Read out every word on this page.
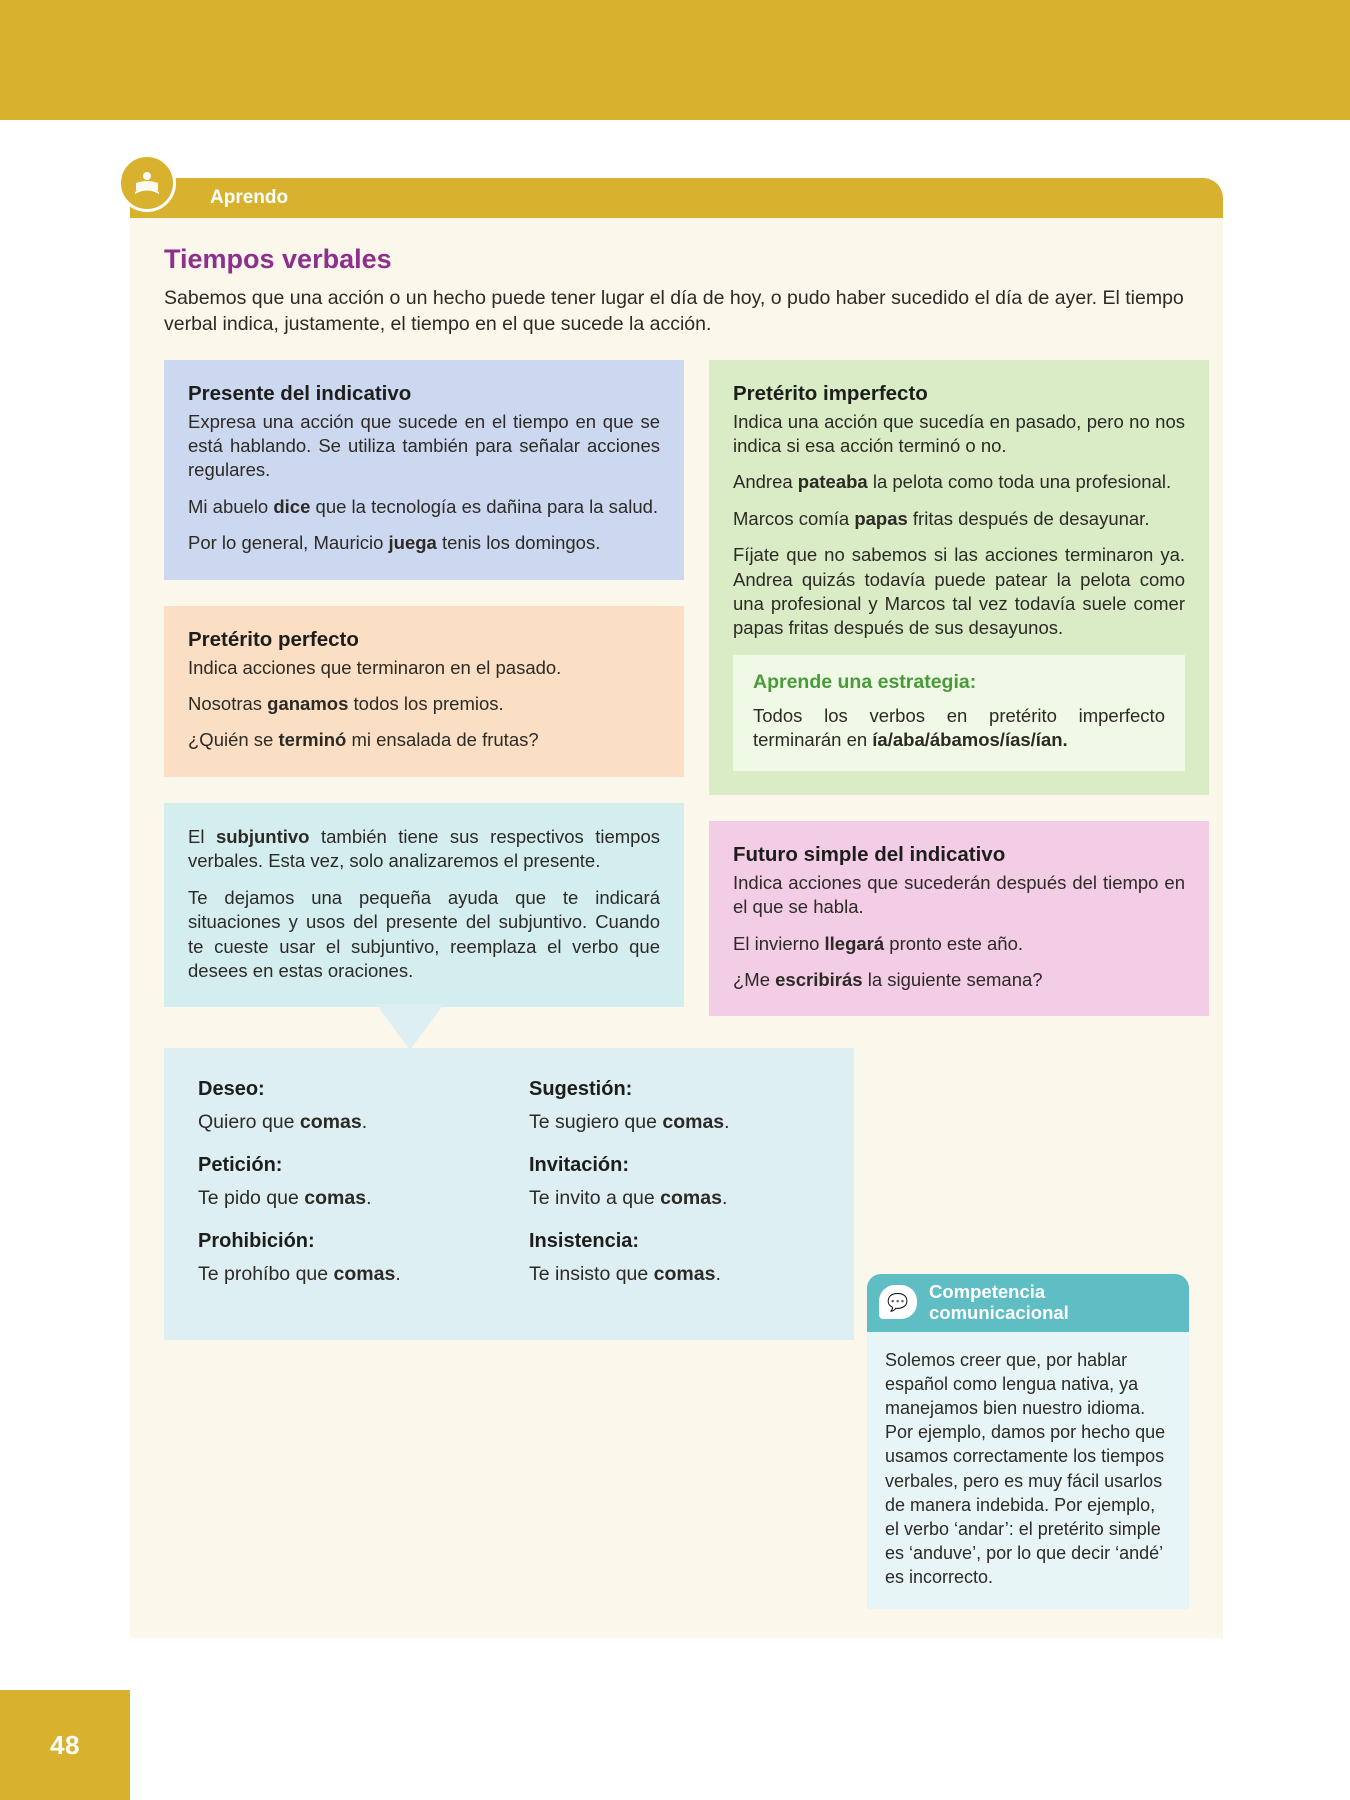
48
Aprendo
Tiempos verbales

Sabemos que una acción o un hecho puede tener lugar el día de hoy, o pudo haber sucedido el día de ayer. El tiempo verbal indica, justamente, el tiempo en el que sucede la acción.

Presente del indicativo

Expresa una acción que sucede en el tiempo en que se está hablando. Se utiliza también para señalar acciones regulares.

Mi abuelo dice que la tecnología es dañina para la salud.

Por lo general, Mauricio juega tenis los domingos.

Pretérito perfecto

Indica acciones que terminaron en el pasado.

Nosotras ganamos todos los premios.

¿Quién se terminó mi ensalada de frutas?

El subjuntivo también tiene sus respectivos tiempos verbales. Esta vez, solo analizaremos el presente.

Te dejamos una pequeña ayuda que te indicará situaciones y usos del presente del subjuntivo. Cuando te cueste usar el subjuntivo, reemplaza el verbo que desees en estas oraciones.

Pretérito imperfecto

Indica una acción que sucedía en pasado, pero no nos indica si esa acción terminó o no.

Andrea pateaba la pelota como toda una profesional.

Marcos comía papas fritas después de desayunar.

Fíjate que no sabemos si las acciones terminaron ya. Andrea quizás todavía puede patear la pelota como una profesional y Marcos tal vez todavía suele comer papas fritas después de sus desayunos.

Aprende una estrategia:

Todos los verbos en pretérito imperfecto terminarán en ía/aba/ábamos/ías/ían.

Futuro simple del indicativo

Indica acciones que sucederán después del tiempo en el que se habla.

El invierno llegará pronto este año.

¿Me escribirás la siguiente semana?

Deseo:

Quiero que comas.

Sugestión:

Te sugiero que comas.

Petición:

Te pido que comas.

Invitación:

Te invito a que comas.

Prohibición:

Te prohíbo que comas.

Insistencia:

Te insisto que comas.

💬 Competencia
comunicacional

Solemos creer que, por hablar español como lengua nativa, ya manejamos bien nuestro idioma. Por ejemplo, damos por hecho que usamos correctamente los tiempos verbales, pero es muy fácil usarlos de manera indebida. Por ejemplo, el verbo ‘andar’: el pretérito simple es ‘anduve’, por lo que decir ‘andé’ es incorrecto.
